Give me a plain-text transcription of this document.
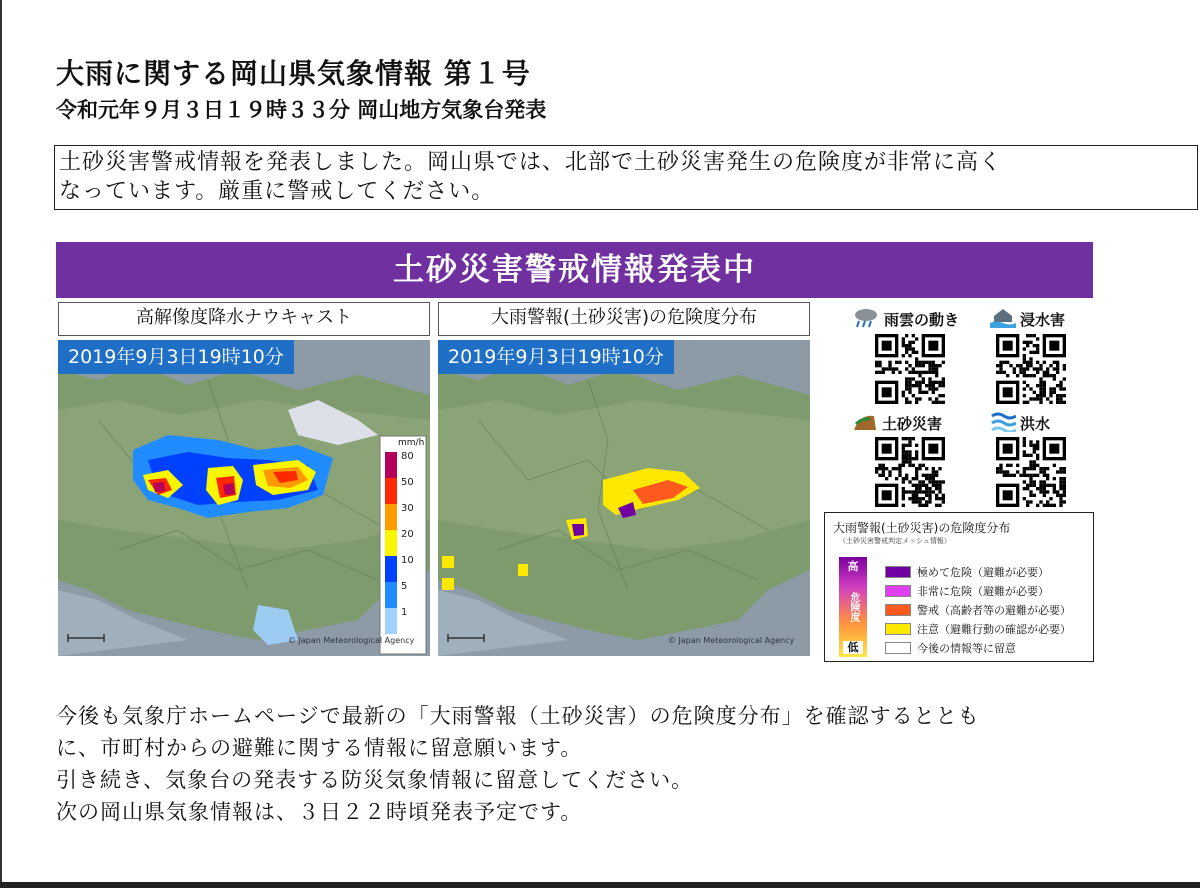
大雨に関する岡山県気象情報 第１号
令和元年９月３日１９時３３分 岡山地方気象台発表
土砂災害警戒情報を発表しました。岡山県では、北部で土砂災害発生の危険度が非常に高く
なっています。厳重に警戒してください。
土砂災害警戒情報発表中
高解像度降水ナウキャスト
2019年9月3日19時10分
mm/h
80
50
30
20
10
5
1
© Japan Meteorological Agency
大雨警報(土砂災害)の危険度分布
2019年9月3日19時10分
© Japan Meteorological Agency
雨雲の動き	浸水害
土砂災害	洪水
大雨警報(土砂災害)の危険度分布
（土砂災害警戒判定メッシュ情報）
高
危険度
低
極めて危険（避難が必要）
非常に危険（避難が必要）
警戒（高齢者等の避難が必要）
注意（避難行動の確認が必要）
今後の情報等に留意
今後も気象庁ホームページで最新の「大雨警報（土砂災害）の危険度分布」を確認するととも
に、市町村からの避難に関する情報に留意願います。
引き続き、気象台の発表する防災気象情報に留意してください。
次の岡山県気象情報は、３日２２時頃発表予定です。
